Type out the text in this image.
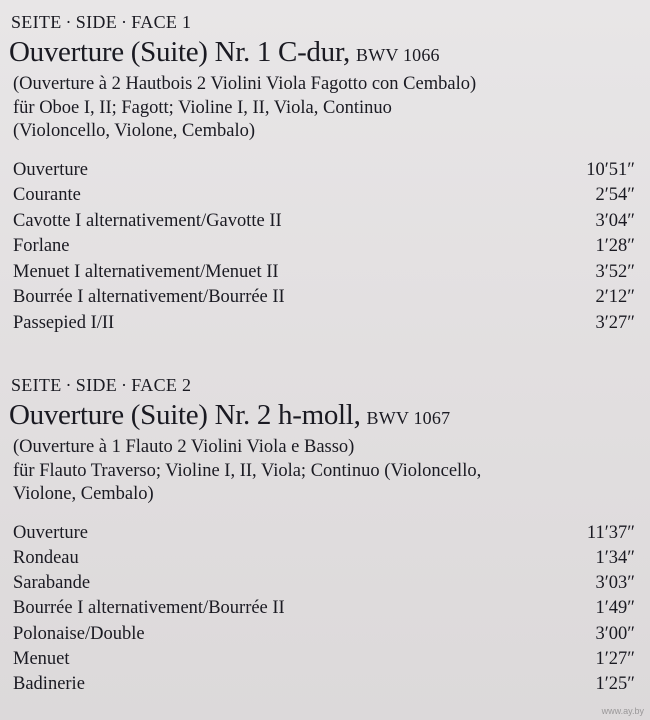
SEITE · SIDE · FACE 1
Ouverture (Suite) Nr. 1 C-dur, BWV 1066
(Ouverture à 2 Hautbois 2 Violini Viola Fagotto con Cembalo)
für Oboe I, II; Fagott; Violine I, II, Viola, Continuo
(Violoncello, Violone, Cembalo)
Ouverture	10′51″
Courante	2′54″
Cavotte I alternativement/Gavotte II	3′04″
Forlane	1′28″
Menuet I alternativement/Menuet II	3′52″
Bourrée I alternativement/Bourrée II	2′12″
Passepied I/II	3′27″
SEITE · SIDE · FACE 2
Ouverture (Suite) Nr. 2 h-moll, BWV 1067
(Ouverture à 1 Flauto 2 Violini Viola e Basso)
für Flauto Traverso; Violine I, II, Viola; Continuo (Violoncello,
Violone, Cembalo)
Ouverture	11′37″
Rondeau	1′34″
Sarabande	3′03″
Bourrée I alternativement/Bourrée II	1′49″
Polonaise/Double	3′00″
Menuet	1′27″
Badinerie	1′25″
www.ay.by
